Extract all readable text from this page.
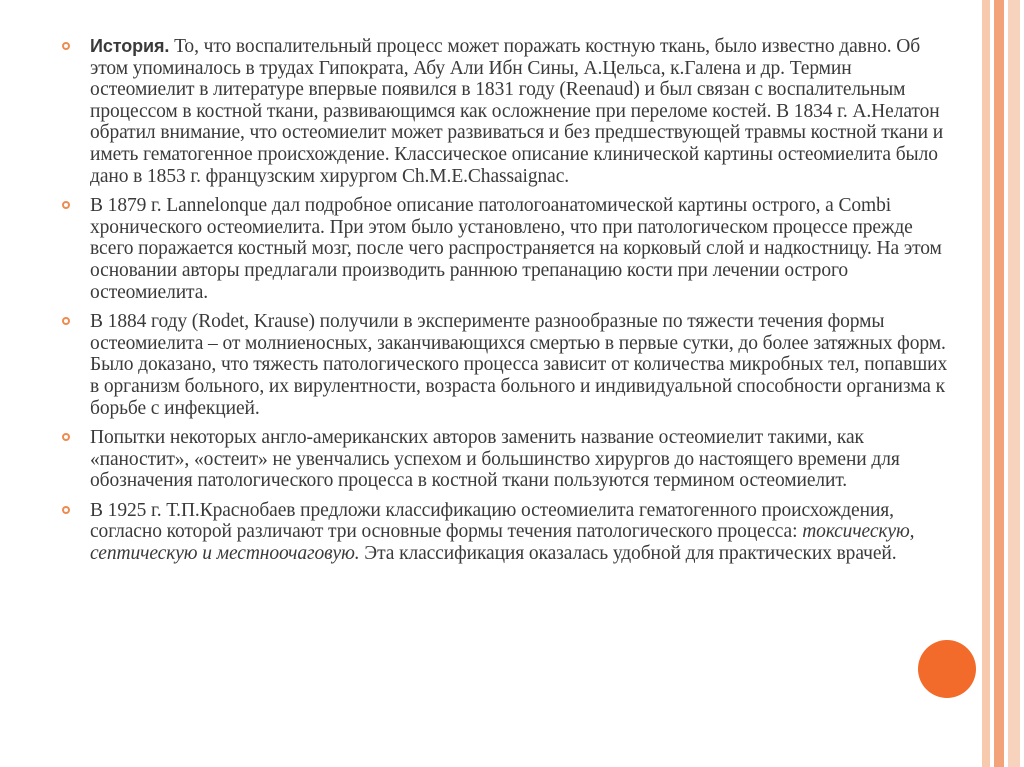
История. То, что воспалительный процесс может поражать костную ткань, было известно давно. Об этом упоминалось в трудах Гипократа, Абу Али Ибн Сины, А.Цельса, к.Галена и др. Термин остеомиелит в литературе впервые появился в 1831 году (Reenaud) и был связан с воспалительным процессом в костной ткани, развивающимся как осложнение при переломе костей. В 1834 г. А.Нелатон обратил внимание, что остеомиелит может развиваться и без предшествующей травмы костной ткани и иметь гематогенное происхождение. Классическое описание клинической картины остеомиелита было дано в 1853 г. французским хирургом Ch.M.E.Chassaignac.
В 1879 г. Lannelonque дал подробное описание патологоанатомической картины острого, а Combi хронического остеомиелита. При этом было установлено, что при патологическом процессе прежде всего поражается костный мозг, после чего распространяется на корковый слой и надкостницу. На этом основании авторы предлагали производить раннюю трепанацию кости при лечении острого остеомиелита.
В 1884 году (Rodet, Krause) получили в эксперименте разнообразные по тяжести течения формы остеомиелита – от молниеносных, заканчивающихся смертью в первые сутки, до более затяжных форм. Было доказано, что тяжесть патологического процесса зависит от количества микробных тел, попавших в организм больного, их вирулентности, возраста больного и индивидуальной способности организма к борьбе с инфекцией.
Попытки некоторых англо-американских авторов заменить название остеомиелит такими, как «паностит», «остеит» не увенчались успехом и большинство хирургов до настоящего времени для обозначения патологического процесса в костной ткани пользуются термином остеомиелит.
В 1925 г. Т.П.Краснобаев предложи классификацию остеомиелита гематогенного происхождения, согласно которой различают три основные формы течения патологического процесса: токсическую, септическую и местноочаговую. Эта классификация оказалась удобной для практических врачей.
